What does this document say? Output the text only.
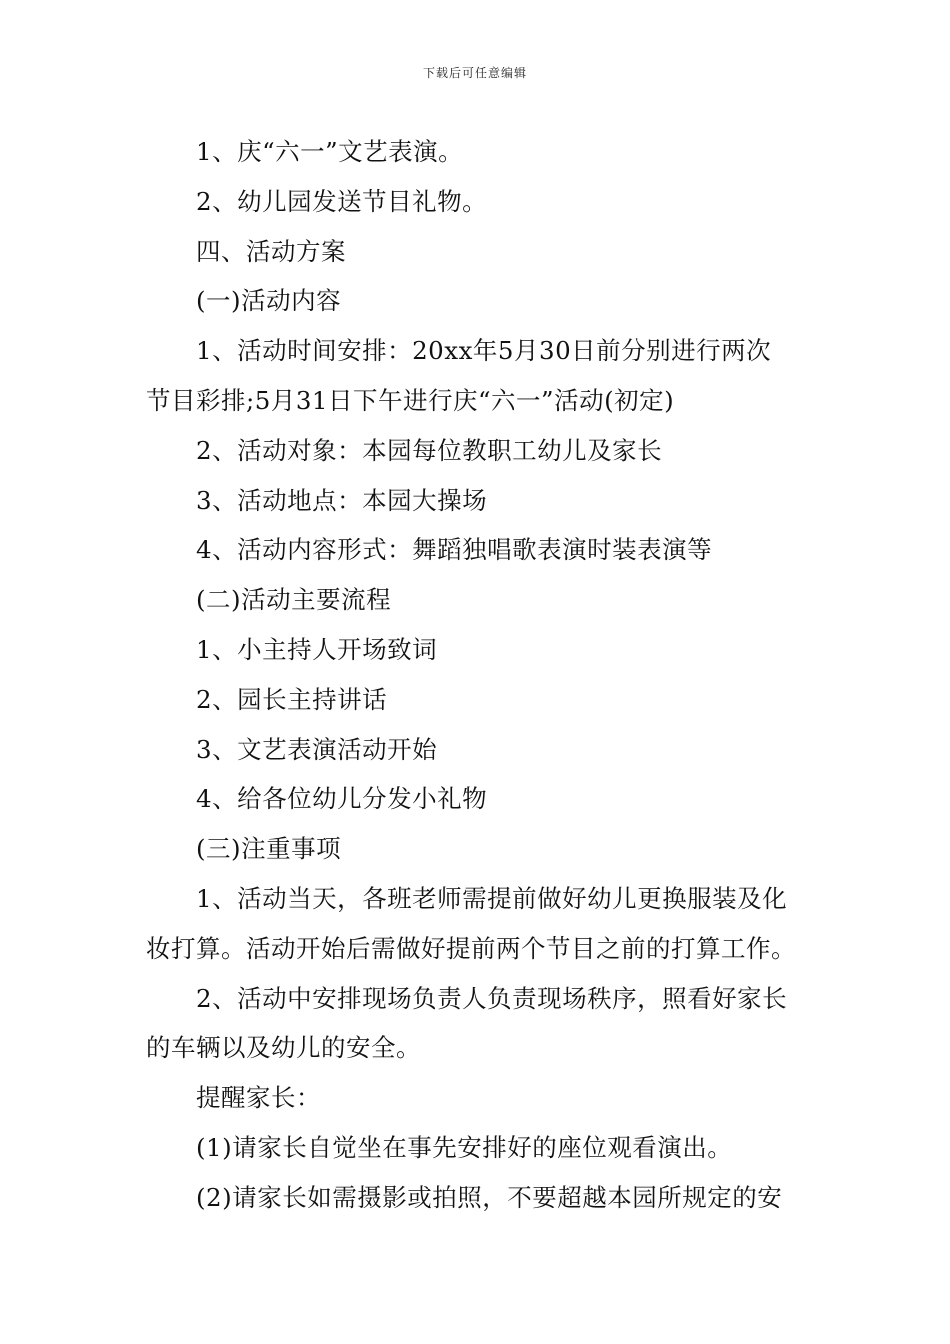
下载后可任意编辑
1、庆“六一”文艺表演。
2、幼儿园发送节目礼物。
四、活动方案
(一)活动内容
1、活动时间安排：20xx年5月30日前分别进行两次
节目彩排;5月31日下午进行庆“六一”活动(初定)
2、活动对象：本园每位教职工幼儿及家长
3、活动地点：本园大操场
4、活动内容形式：舞蹈独唱歌表演时装表演等
(二)活动主要流程
1、小主持人开场致词
2、园长主持讲话
3、文艺表演活动开始
4、给各位幼儿分发小礼物
(三)注重事项
1、活动当天，各班老师需提前做好幼儿更换服装及化
妆打算。活动开始后需做好提前两个节目之前的打算工作。
2、活动中安排现场负责人负责现场秩序，照看好家长
的车辆以及幼儿的安全。
提醒家长：
(1)请家长自觉坐在事先安排好的座位观看演出。
(2)请家长如需摄影或拍照，不要超越本园所规定的安
